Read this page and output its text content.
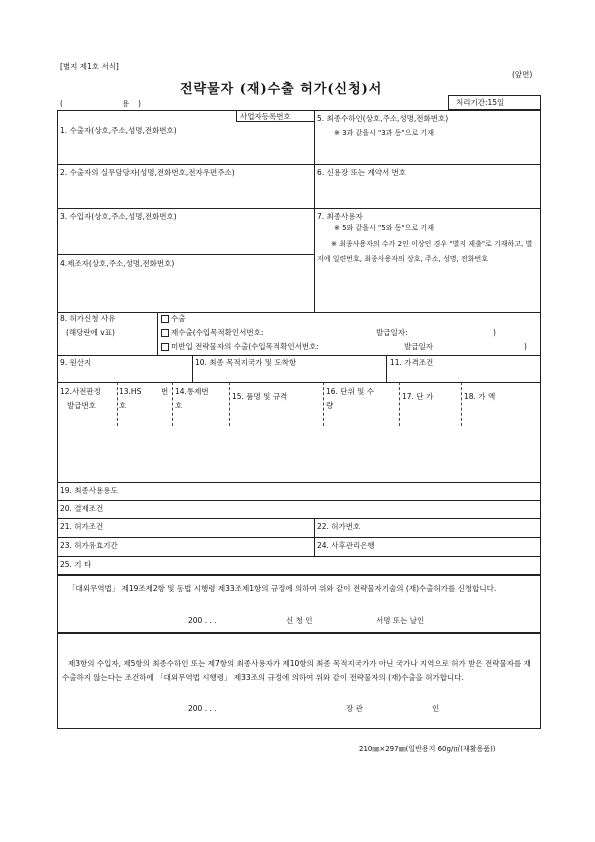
[별지 제1호 서식]
(앞면)
전략물자 (재)수출 허가(신청)서
(	용 )	처리기간:15일
사업자등록번호
1. 수출자(상호,주소,성명,전화번호)
2. 수출자의 실무담당자(성명,전화번호,전자우편주소)
3. 수입자(상호,주소,성명,전화번호)
4.제조자(상호,주소,성명,전화번호)
5. 최종수하인(상호,주소,성명,전화번호)
※ 3과 같을시 "3과 동"으로 기재
6. 신용장 또는 계약서 번호
7. 최종사용자
※ 5와 같을시 "5와 동"으로 기재
※ 최종사용자의 수가 2인 이상인 경우 "별지 제출"로 기재하고, 별지에 일련번호, 최종사용자의 상호, 주소, 성명, 전화번호
8. 허가신청 사유
(해당란에 v표)
수출
재수출(수입목적확인서번호:	발급일자:	)
미반입 전략물자의 수출(수입목적확인서번호:	발급일자	)
9. 원산지	10. 최종 목적지국가 및 도착항	11. 가격조건
12.사전판정
발급번호
13.HS	번
호
14.통제번
호
15. 품명 및 규격
16. 단위 및 수
량
17. 단 가	18. 가 액
19. 최종사용용도
20. 결제조건
21. 허가조건	22. 허가번호
23. 허가유효기간	24. 사후관리은행
25. 기 타
「대외무역법」 제19조제2항 및 동법 시행령 제33조제1항의 규정에 의하여 위와 같이 전략물자기술의 (재)수출허가를 신청합니다.
200 . . .	신 청 인	서명 또는 날인
제3항의 수입자, 제5항의 최종수하인 또는 제7항의 최종사용자가 제10항의 최종 목적지국가가 아닌 국가나 지역으로 허가 받은 전략물자를 재수출하지 않는다는 조건하에 「대외무역법 시행령」 제33조의 규정에 의하여 위와 같이 전략물자의 (재)수출을 허가합니다.
200 . . .	장 관	인
210㎜×297㎜(일반용지 60g/㎡(재활용품))
